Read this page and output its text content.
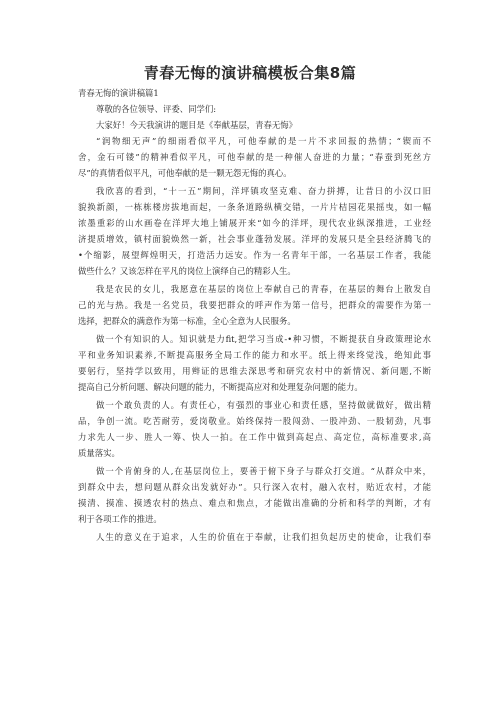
青春无悔的演讲稿模板合集8篇
青春无悔的演讲稿篇1
尊敬的各位领导、评委、同学们:
大家好！今天我演讲的题目是《奉献基层，青春无悔》
“润物细无声”的细雨看似平凡，可他奉献的是一片不求回报的热情；“锲而不
舍，金石可镂”的精神看似平凡，可他奉献的是一种催人奋进的力量；“春蚕到死丝方
尽”的真情看似平凡，可他奉献的是一颗无怨无悔的真心。
我欣喜的看到，“十一五”期间，洋坪镇攻坚克难、奋力拼搏，让昔日的小汉口旧
貌换新颜，一栋栋楼房拔地而起，一条条道路纵横交错，一片片桔园花果摇曳，如一幅
浓墨重彩的山水画卷在洋坪大地上铺展开来“如今的洋坪，现代农业纵深推进，工业经
济提质增效，镇村面貌焕然一新，社会事业蓬勃发展。洋坪的发展只是全县经济腾飞的
•个缩影，展望辉煌明天，打造活力远安。作为一名青年干部，一名基层工作者，我能
做些什么？又该怎样在平凡的岗位上演绎自己的精彩人生。
我是农民的女儿，我愿意在基层的岗位上奉献自己的青春，在基层的舞台上散发自
己的光与热。我是一名党员，我要把群众的呼声作为第一信号，把群众的需要作为第一
选择，把群众的满意作为第一标准，全心全意为人民服务。
做一个有知识的人。知识就是力fit,把学习当成-•种习惯，不断提获自身政策理论水
平和业务知识素养,不断提高服务全局工作的能力和水平。纸上得来终觉浅，绝知此事
要躬行，坚持学以致用，用辫证的思维去深思考和研究农村中的新情况、新问题,不断
提高自己分析问题、解决问题的能力，不断提高应对和处理复杂问题的能力。
做一个敢负责的人。有责任心，有强烈的事业心和责任感，坚持做就做好，做出精
品，争创一流。吃苦耐劳，爱岗敬业。始终保持一股闯劲、一股冲劲、一股韧劲，凡事
力求先人一步、胜人一筹、快人一拍。在工作中做到高起点、高定位，高标准要求,高
质量落实。
做一个肯俯身的人,在基层岗位上，要善于俯下身子与群众打交道。“从群众中来，
到群众中去，想问题从群众出发就好办”。只行深入农村，融入农村，贴近农村，才能
摸清、摸准、摸透农村的热点、难点和焦点，才能做出准确的分析和科学的判断，才有
利于各项工作的推进。
人生的意义在于追求，人生的价值在于奉献，让我们担负起历史的使命，让我们奉
